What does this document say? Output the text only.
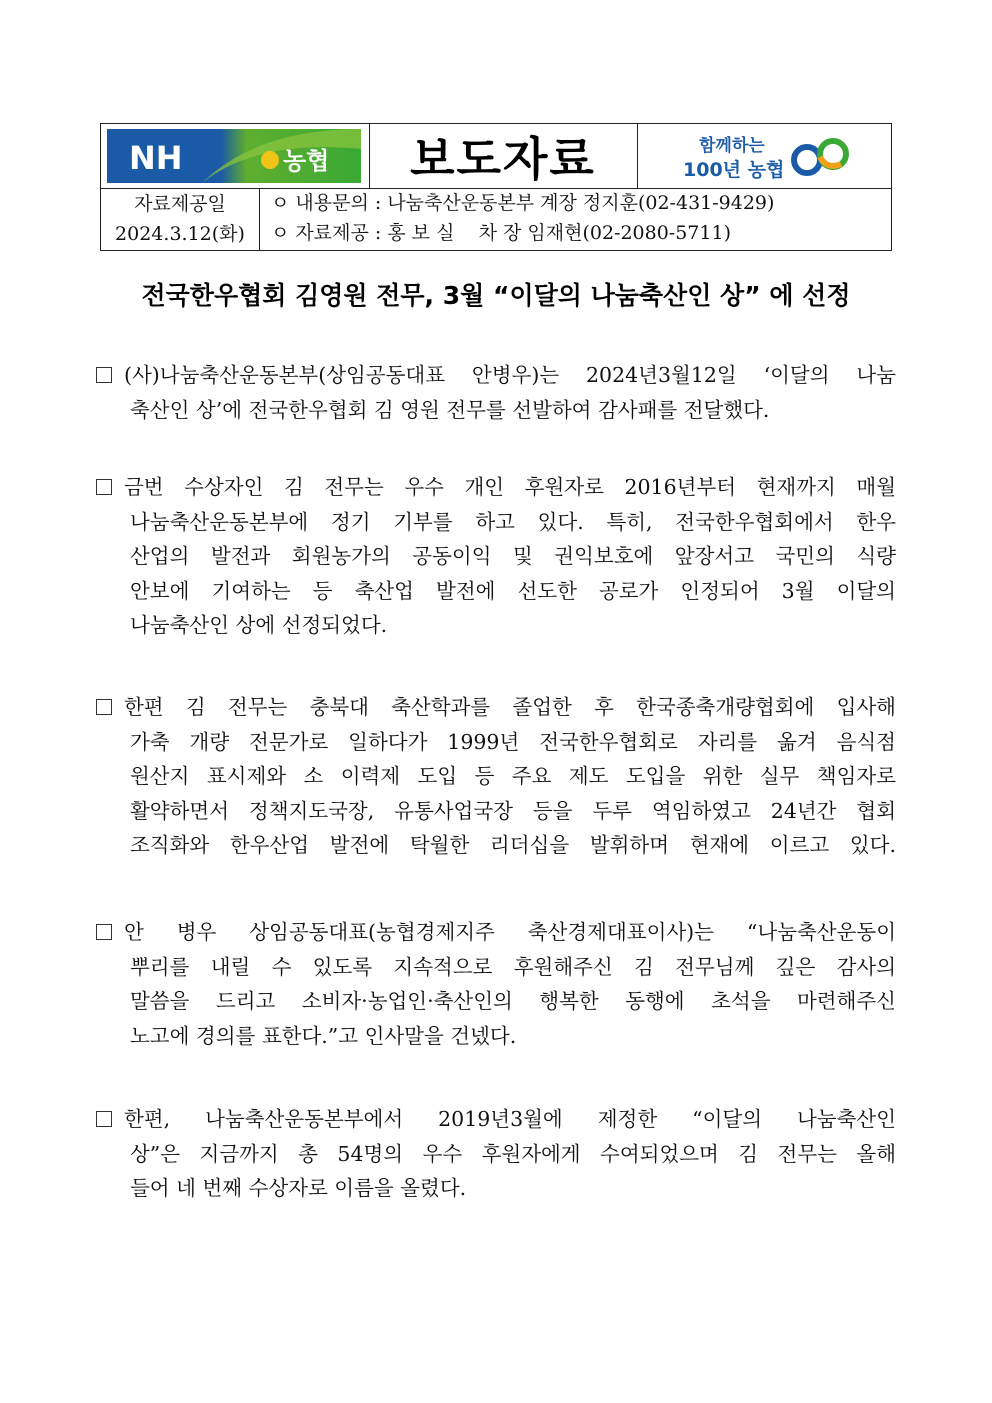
NH	농협 보도자료	함께하는
100년 농협
자료제공일
2024.3.12(화)
ㅇ 내용문의 : 나눔축산운동본부 계장 정지훈(02-431-9429)
ㅇ 자료제공 : 홍 보 실    차 장 임재현(02-2080-5711)
전국한우협회 김영원 전무, 3월 “이달의 나눔축산인 상” 에 선정
(사)나눔축산운동본부(상임공동대표 안병우)는 2024년3월12일 ‘이달의 나눔
축산인 상’에 전국한우협회 김 영원 전무를 선발하여 감사패를 전달했다.
금번 수상자인 김 전무는 우수 개인 후원자로 2016년부터 현재까지 매월
나눔축산운동본부에 정기 기부를 하고 있다. 특히, 전국한우협회에서 한우
산업의 발전과 회원농가의 공동이익 및 권익보호에 앞장서고 국민의 식량
안보에 기여하는 등 축산업 발전에 선도한 공로가 인정되어 3월 이달의
나눔축산인 상에 선정되었다.
한편 김 전무는 충북대 축산학과를 졸업한 후 한국종축개량협회에 입사해
가축 개량 전문가로 일하다가 1999년 전국한우협회로 자리를 옮겨 음식점
원산지 표시제와 소 이력제 도입 등 주요 제도 도입을 위한 실무 책임자로
활약하면서 정책지도국장, 유통사업국장 등을 두루 역임하였고 24년간 협회
조직화와 한우산업 발전에 탁월한 리더십을 발휘하며 현재에 이르고 있다.
안 병우 상임공동대표(농협경제지주 축산경제대표이사)는 “나눔축산운동이
뿌리를 내릴 수 있도록 지속적으로 후원해주신 김 전무님께 깊은 감사의
말씀을 드리고 소비자·농업인·축산인의 행복한 동행에 초석을 마련해주신
노고에 경의를 표한다.”고 인사말을 건넸다.
한편, 나눔축산운동본부에서 2019년3월에 제정한 “이달의 나눔축산인
상”은 지금까지 총 54명의 우수 후원자에게 수여되었으며 김 전무는 올해
들어 네 번째 수상자로 이름을 올렸다.
